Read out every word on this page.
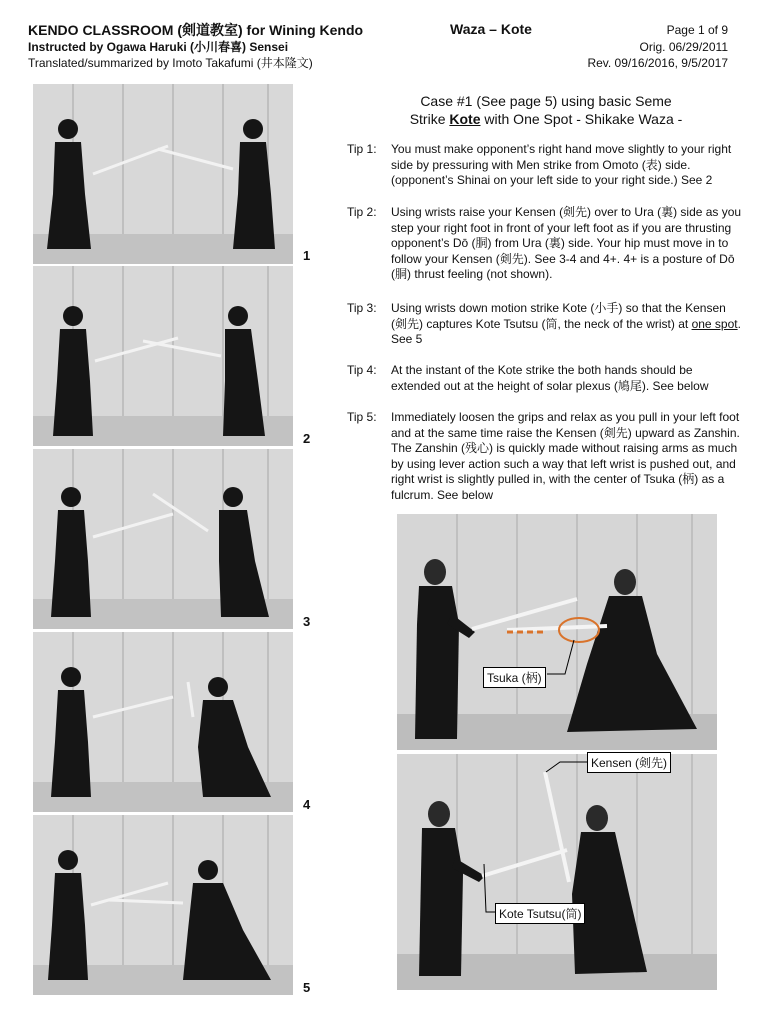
KENDO CLASSROOM (剣道教室) for Wining Kendo
Instructed by Ogawa Haruki (小川春喜) Sensei
Translated/summarized by Imoto Takafumi (井本隆文)
Waza – Kote	Page 1 of 9
Orig. 06/29/2011
Rev. 09/16/2016, 9/5/2017
1
2
3
4
5
Case #1 (See page 5) using basic Seme
Strike Kote with One Spot - Shikake Waza -
Tip 1: You must make opponent’s right hand move slightly to your right side by pressuring with Men strike from Omoto (表) side. (opponent’s Shinai on your left side to your right side.) See 2
Tip 2: Using wrists raise your Kensen (剣先) over to Ura (裏) side as you step your right foot in front of your left foot as if you are thrusting opponent’s Dō (胴) from Ura (裏) side. Your hip must move in to follow your Kensen (剣先). See 3-4 and 4+. 4+ is a posture of Dō (胴) thrust feeling (not shown).
Tip 3: Using wrists down motion strike Kote (小手) so that the Kensen (剣先) captures Kote Tsutsu (筒, the neck of the wrist) at one spot. See 5
Tip 4: At the instant of the Kote strike the both hands should be extended out at the height of solar plexus (鳩尾). See below
Tip 5: Immediately loosen the grips and relax as you pull in your left foot and at the same time raise the Kensen (剣先) upward as Zanshin. The Zanshin (残心) is quickly made without raising arms as much by using lever action such a way that left wrist is pushed out, and right wrist is slightly pulled in, with the center of Tsuka (柄) as a fulcrum. See below
Tsuka (柄)
Kensen (剣先)
Kote Tsutsu(筒)
